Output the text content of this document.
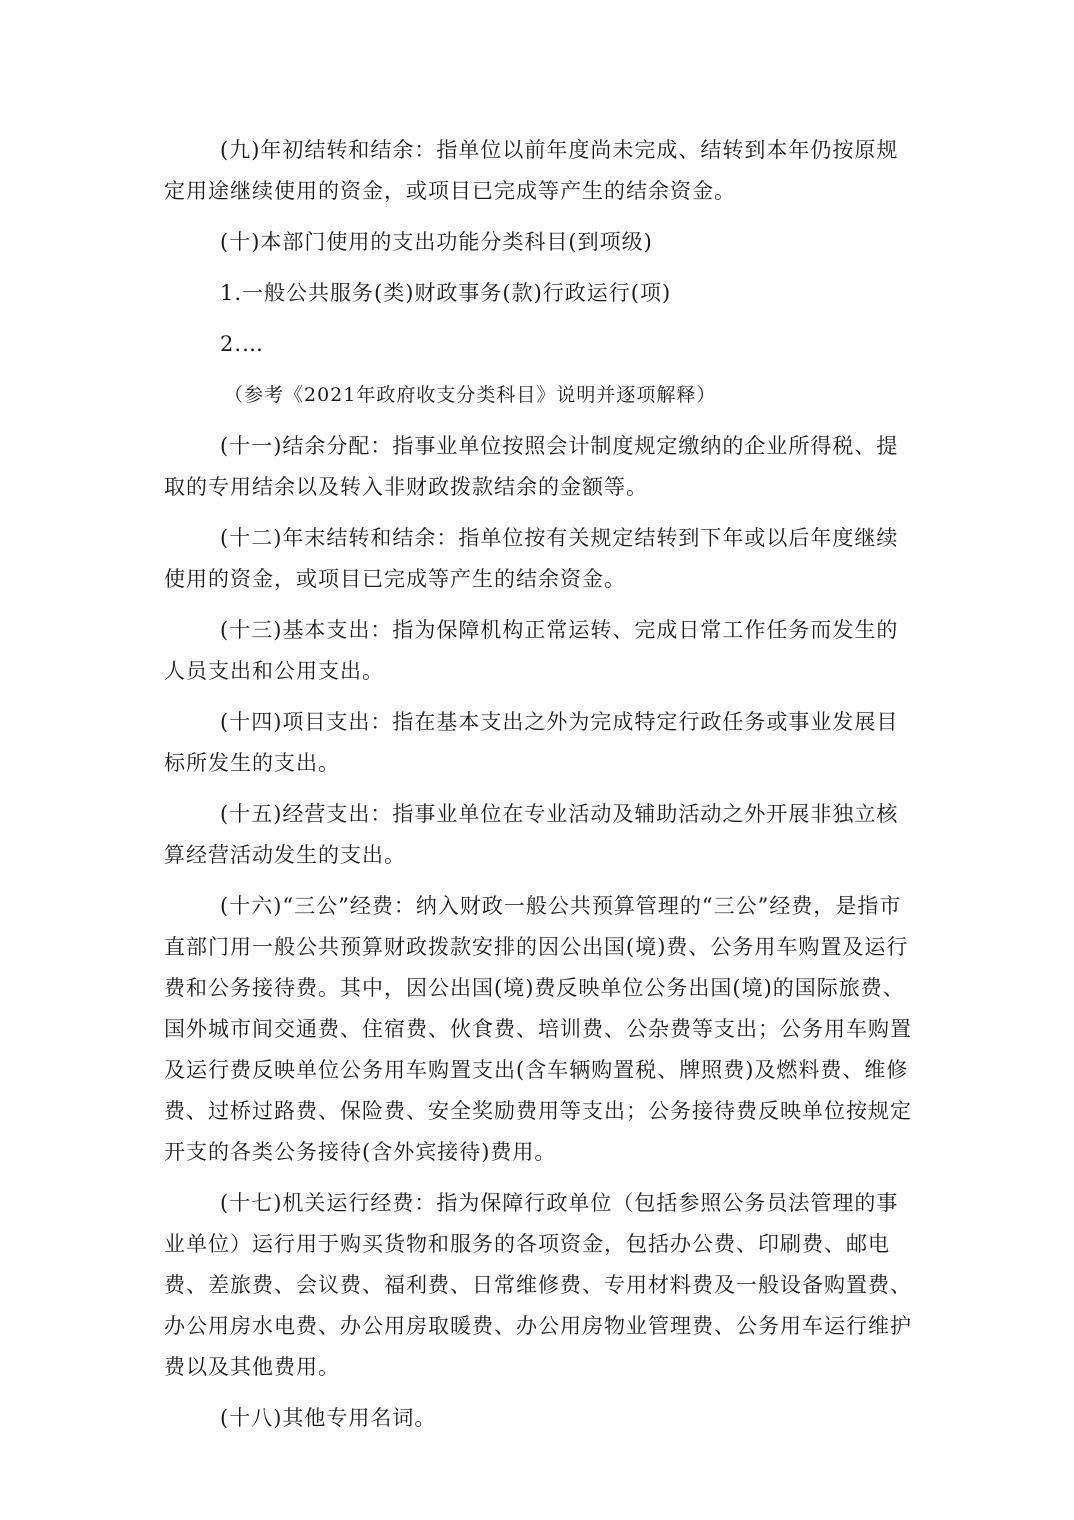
(九)年初结转和结余：指单位以前年度尚未完成、结转到本年仍按原规定用途继续使用的资金，或项目已完成等产生的结余资金。

(十)本部门使用的支出功能分类科目(到项级)

1.一般公共服务(类)财政事务(款)行政运行(项)

2.…

（参考《2021年政府收支分类科目》说明并逐项解释）

(十一)结余分配：指事业单位按照会计制度规定缴纳的企业所得税、提取的专用结余以及转入非财政拨款结余的金额等。

(十二)年末结转和结余：指单位按有关规定结转到下年或以后年度继续使用的资金，或项目已完成等产生的结余资金。

(十三)基本支出：指为保障机构正常运转、完成日常工作任务而发生的人员支出和公用支出。

(十四)项目支出：指在基本支出之外为完成特定行政任务或事业发展目标所发生的支出。

(十五)经营支出：指事业单位在专业活动及辅助活动之外开展非独立核算经营活动发生的支出。

(十六)“三公”经费：纳入财政一般公共预算管理的“三公”经费，是指市直部门用一般公共预算财政拨款安排的因公出国(境)费、公务用车购置及运行费和公务接待费。其中，因公出国(境)费反映单位公务出国(境)的国际旅费、国外城市间交通费、住宿费、伙食费、培训费、公杂费等支出；公务用车购置及运行费反映单位公务用车购置支出(含车辆购置税、牌照费)及燃料费、维修费、过桥过路费、保险费、安全奖励费用等支出；公务接待费反映单位按规定开支的各类公务接待(含外宾接待)费用。

(十七)机关运行经费：指为保障行政单位（包括参照公务员法管理的事业单位）运行用于购买货物和服务的各项资金，包括办公费、印刷费、邮电费、差旅费、会议费、福利费、日常维修费、专用材料费及一般设备购置费、办公用房水电费、办公用房取暖费、办公用房物业管理费、公务用车运行维护费以及其他费用。

(十八)其他专用名词。
